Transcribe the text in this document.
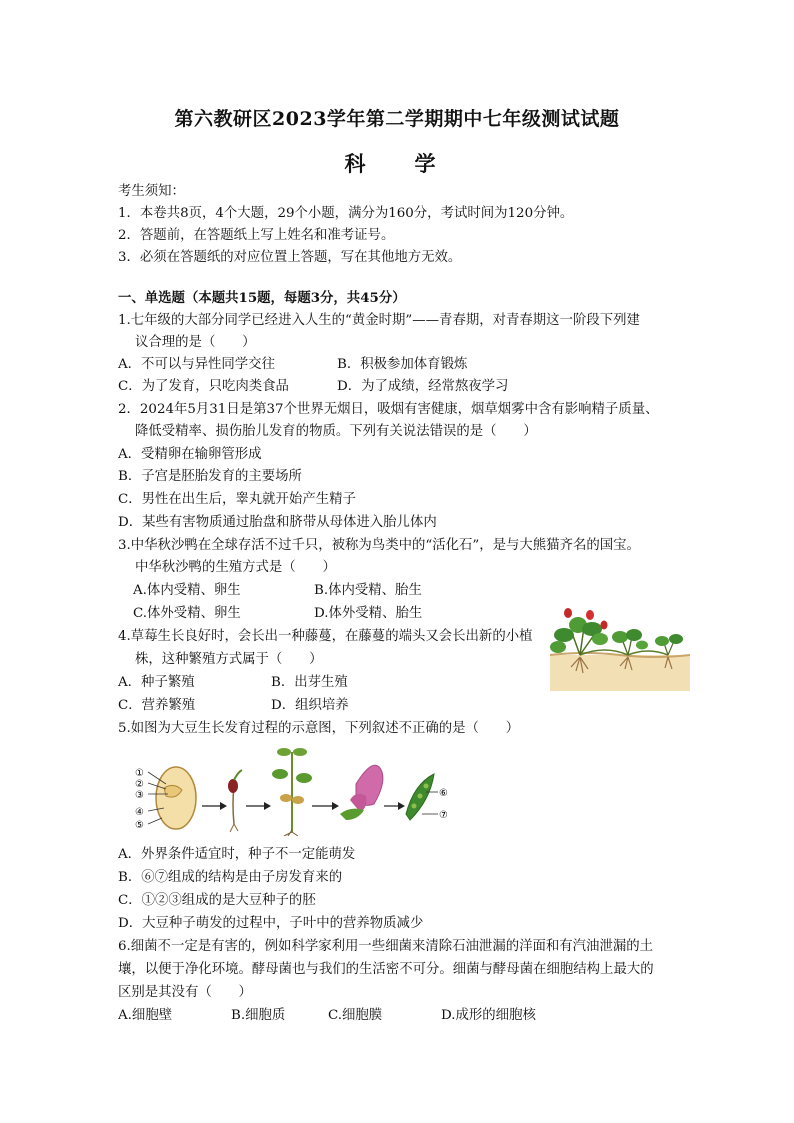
第六教研区2023学年第二学期期中七年级测试试题
科　学
考生须知：
1．本卷共8页，4个大题，29个小题，满分为160分，考试时间为120分钟。
2．答题前，在答题纸上写上姓名和准考证号。
3．必须在答题纸的对应位置上答题，写在其他地方无效。
一、单选题（本题共15题，每题3分，共45分）
1.七年级的大部分同学已经进入人生的“黄金时期”——青春期，对青春期这一阶段下列建
议合理的是（　　）
A．不可以与异性同学交往	B．积极参加体育锻炼
C．为了发育，只吃肉类食品	D．为了成绩，经常熬夜学习
2．2024年5月31日是第37个世界无烟日，吸烟有害健康，烟草烟雾中含有影响精子质量、
降低受精率、损伤胎儿发育的物质。下列有关说法错误的是（　　）
A．受精卵在输卵管形成
B．子宫是胚胎发育的主要场所
C．男性在出生后，睾丸就开始产生精子
D．某些有害物质通过胎盘和脐带从母体进入胎儿体内
3.中华秋沙鸭在全球存活不过千只，被称为鸟类中的“活化石”，是与大熊猫齐名的国宝。
中华秋沙鸭的生殖方式是（　　）
A.体内受精、卵生	B.体内受精、胎生
C.体外受精、卵生	D.体外受精、胎生
4.草莓生长良好时，会长出一种藤蔓，在藤蔓的端头又会长出新的小植
株，这种繁殖方式属于（　　）
A．种子繁殖	B．出芽生殖
C．营养繁殖	D．组织培养
5.如图为大豆生长发育过程的示意图，下列叙述不正确的是（　　）
①
②
③
④
⑤
⑥
⑦
A．外界条件适宜时，种子不一定能萌发
B．⑥⑦组成的结构是由子房发育来的
C．①②③组成的是大豆种子的胚
D．大豆种子萌发的过程中，子叶中的营养物质减少
6.细菌不一定是有害的，例如科学家利用一些细菌来清除石油泄漏的洋面和有汽油泄漏的土
壤，以便于净化环境。酵母菌也与我们的生活密不可分。细菌与酵母菌在细胞结构上最大的
区别是其没有（　　）
A.细胞壁	B.细胞质	C.细胞膜	D.成形的细胞核
